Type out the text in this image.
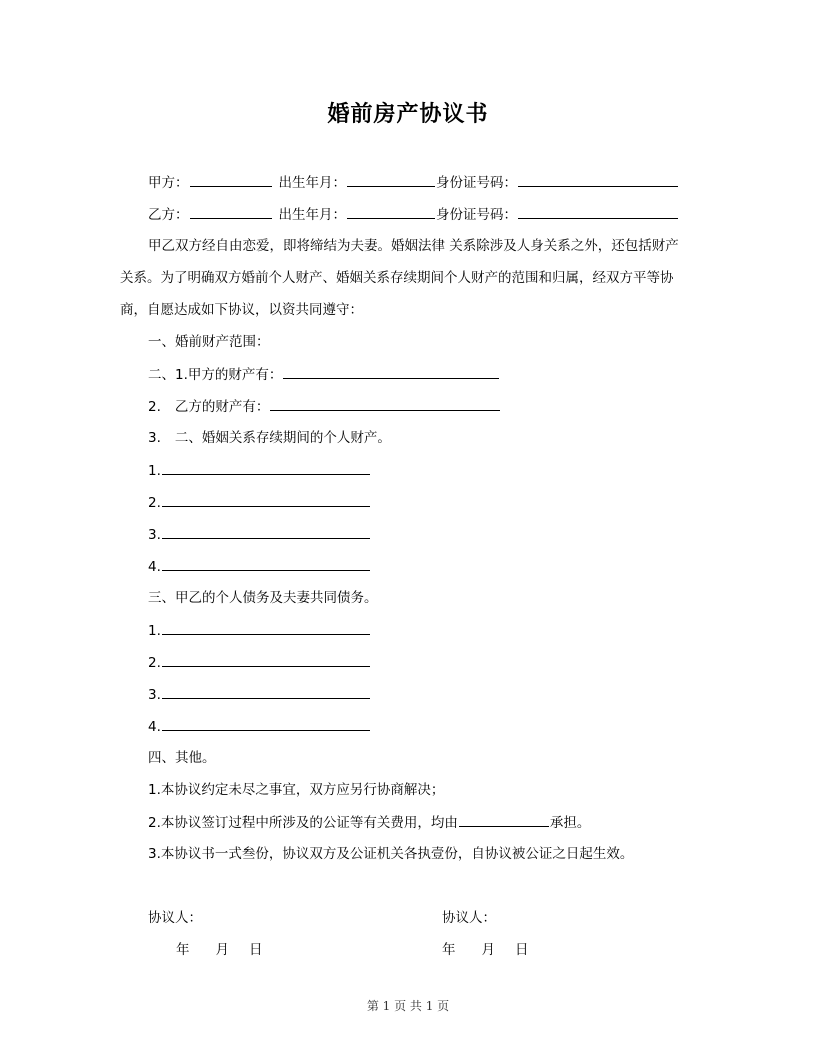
婚前房产协议书
甲方：	出生年月：	身份证号码：
乙方：	出生年月：	身份证号码：
甲乙双方经自由恋爱，即将缔结为夫妻。婚姻法律 关系除涉及人身关系之外，还包括财产
关系。为了明确双方婚前个人财产、婚姻关系存续期间个人财产的范围和归属，经双方平等协
商，自愿达成如下协议，以资共同遵守：
一、婚前财产范围：
二、1.甲方的财产有：
2. 乙方的财产有：
3. 二、婚姻关系存续期间的个人财产。
1.
2.
3.
4.
三、甲乙的个人债务及夫妻共同债务。
1.
2.
3.
4.
四、其他。
1.本协议约定未尽之事宜，双方应另行协商解决；
2.本协议签订过程中所涉及的公证等有关费用，均由	承担。
3.本协议书一式叁份，协议双方及公证机关各执壹份，自协议被公证之日起生效。
协议人：	协议人：
年 月 日	年 月 日
第 1 页 共 1 页
